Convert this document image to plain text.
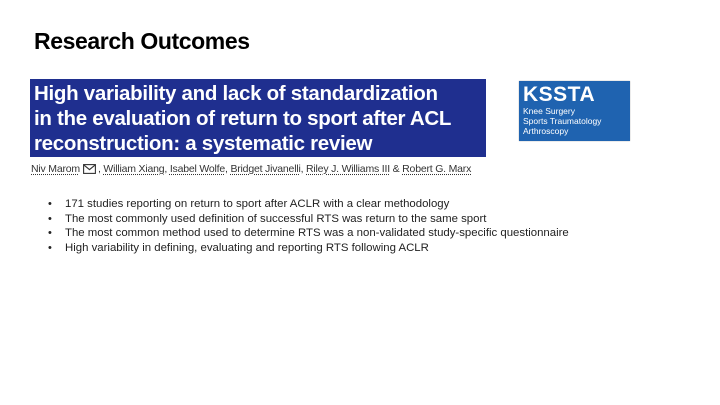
Research Outcomes

High variability and lack of standardization

in the evaluation of return to sport after ACL

reconstruction: a systematic review

KSSTA
Knee Surgery
Sports Traumatology
Arthroscopy
Niv Marom , William Xiang, Isabel Wolfe, Bridget Jivanelli, Riley J. Williams III & Robert G. Marx
• 171 studies reporting on return to sport after ACLR with a clear methodology
• The most commonly used definition of successful RTS was return to the same sport
• The most common method used to determine RTS was a non-validated study-specific questionnaire
• High variability in defining, evaluating and reporting RTS following ACLR
